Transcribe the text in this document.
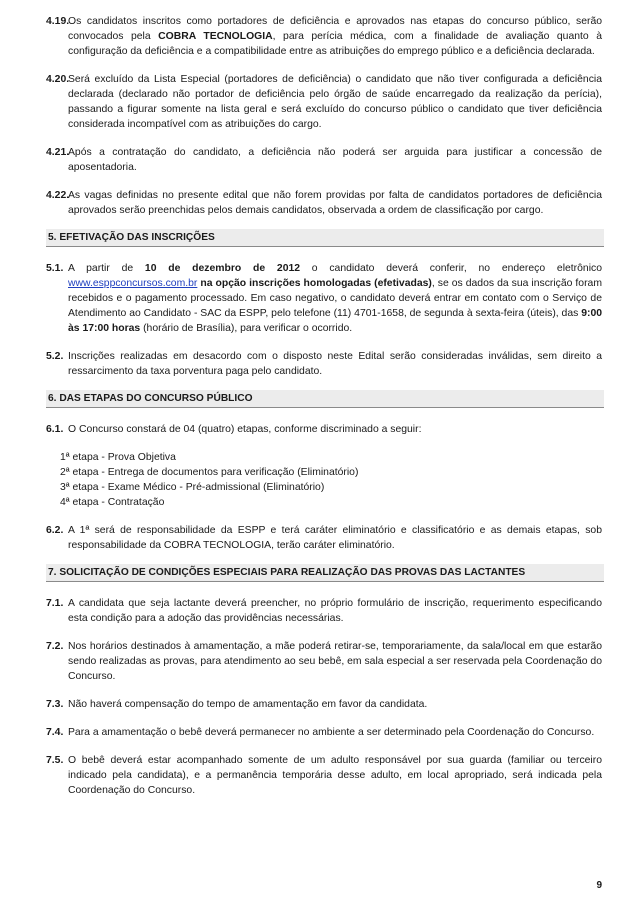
4.19.
Os candidatos inscritos como portadores de deficiência e aprovados nas etapas do concurso público, serão convocados pela COBRA TECNOLOGIA, para perícia médica, com a finalidade de avaliação quanto à configuração da deficiência e a compatibilidade entre as atribuições do emprego público e a deficiência declarada.
4.20.
Será excluído da Lista Especial (portadores de deficiência) o candidato que não tiver configurada a deficiência declarada (declarado não portador de deficiência pelo órgão de saúde encarregado da realização da perícia), passando a figurar somente na lista geral e será excluído do concurso público o candidato que tiver deficiência considerada incompatível com as atribuições do cargo.
4.21.
Após a contratação do candidato, a deficiência não poderá ser arguida para justificar a concessão de aposentadoria.
4.22.
As vagas definidas no presente edital que não forem providas por falta de candidatos portadores de deficiência aprovados serão preenchidas pelos demais candidatos, observada a ordem de classificação por cargo.
5. EFETIVAÇÃO DAS INSCRIÇÕES
5.1. A partir de 10 de dezembro de 2012 o candidato deverá conferir, no endereço eletrônico www.esppconcursos.com.br na opção inscrições homologadas (efetivadas), se os dados da sua inscrição foram recebidos e o pagamento processado. Em caso negativo, o candidato deverá entrar em contato com o Serviço de Atendimento ao Candidato - SAC da ESPP, pelo telefone (11) 4701-1658, de segunda à sexta-feira (úteis), das 9:00 às 17:00 horas (horário de Brasília), para verificar o ocorrido.
5.2. Inscrições realizadas em desacordo com o disposto neste Edital serão consideradas inválidas, sem direito a ressarcimento da taxa porventura paga pelo candidato.
6. DAS ETAPAS DO CONCURSO PÚBLICO
6.1. O Concurso constará de 04 (quatro) etapas, conforme discriminado a seguir:
1ª etapa - Prova Objetiva
2ª etapa - Entrega de documentos para verificação (Eliminatório)
3ª etapa - Exame Médico - Pré-admissional (Eliminatório)
4ª etapa - Contratação
6.2. A 1ª será de responsabilidade da ESPP e terá caráter eliminatório e classificatório e as demais etapas, sob responsabilidade da COBRA TECNOLOGIA, terão caráter eliminatório.
7. SOLICITAÇÃO DE CONDIÇÕES ESPECIAIS PARA REALIZAÇÃO DAS PROVAS DAS LACTANTES
7.1. A candidata que seja lactante deverá preencher, no próprio formulário de inscrição, requerimento especificando esta condição para a adoção das providências necessárias.
7.2. Nos horários destinados à amamentação, a mãe poderá retirar-se, temporariamente, da sala/local em que estarão sendo realizadas as provas, para atendimento ao seu bebê, em sala especial a ser reservada pela Coordenação do Concurso.
7.3. Não haverá compensação do tempo de amamentação em favor da candidata.
7.4. Para a amamentação o bebê deverá permanecer no ambiente a ser determinado pela Coordenação do Concurso.
7.5. O bebê deverá estar acompanhado somente de um adulto responsável por sua guarda (familiar ou terceiro indicado pela candidata), e a permanência temporária desse adulto, em local apropriado, será indicada pela Coordenação do Concurso.
9
